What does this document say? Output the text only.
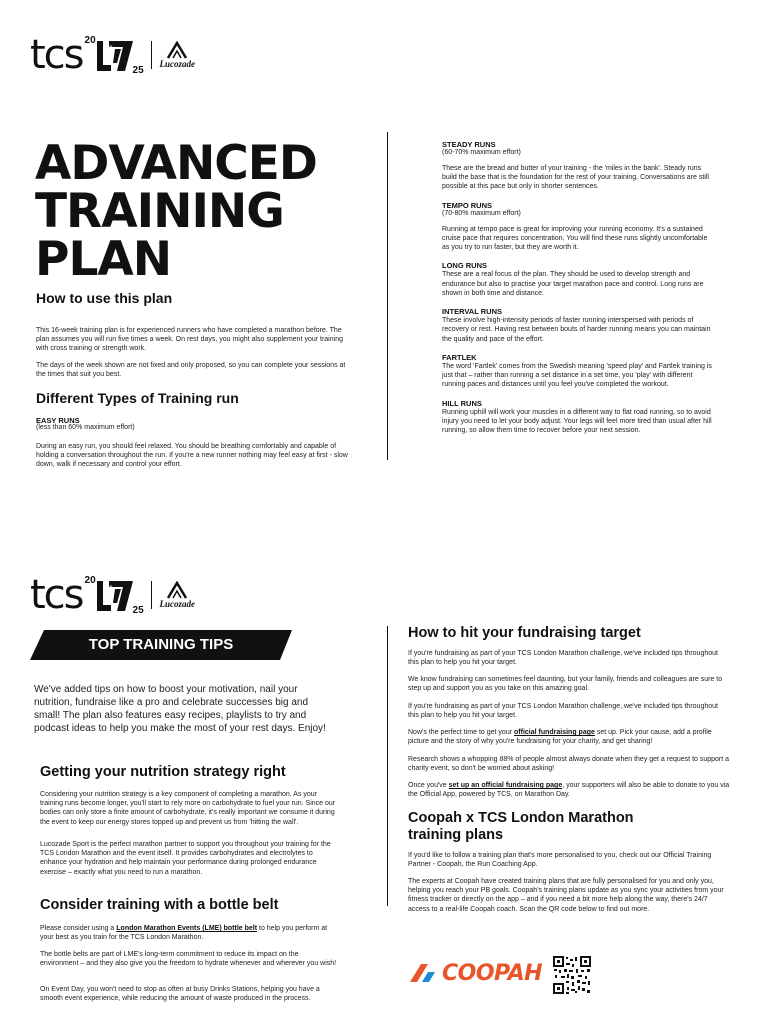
tcs 20
TCS
25
Lucozade
ADVANCED
TRAINING
PLAN
How to use this plan

This 16-week training plan is for experienced runners who have completed a marathon before. The plan assumes you will run five times a week. On rest days, you might also supplement your training with cross training or strength work.

The days of the week shown are not fixed and only proposed, so you can complete your sessions at the times that suit you best.

Different Types of Training run
EASY RUNS
(less than 60% maximum effort)

During an easy run, you should feel relaxed. You should be breathing comfortably and capable of holding a conversation throughout the run. If you're a new runner nothing may feel easy at first - slow down, walk if necessary and control your effort.

STEADY RUNS
(60-70% maximum effort)

These are the bread and butter of your training - the 'miles in the bank'. Steady runs build the base that is the foundation for the rest of your training. Conversations are still possible at this pace but only in shorter sentences.

TEMPO RUNS
(70-80% maximum effort)

Running at tempo pace is great for improving your running economy. It's a sustained cruise pace that requires concentration. You will find these runs slightly uncomfortable as you try to run faster, but they are worth it.

LONG RUNS

These are a real focus of the plan. They should be used to develop strength and endurance but also to practise your target marathon pace and control. Long runs are shown in both time and distance.

INTERVAL RUNS

These involve high-intensity periods of faster running interspersed with periods of recovery or rest. Having rest between bouts of harder running means you can maintain the quality and pace of the effort.

FARTLEK

The word 'Fartlek' comes from the Swedish meaning 'speed play' and Fartlek training is just that – rather than running a set distance in a set time, you 'play' with different running paces and distances until you feel you've completed the workout.

HILL RUNS

Running uphill will work your muscles in a different way to flat road running, so to avoid injury you need to let your body adjust. Your legs will feel more tired than usual after hill running, so allow them time to recover before your next session.

tcs 20
TCS
25
Lucozade
TOP TRAINING TIPS

We've added tips on how to boost your motivation, nail your nutrition, fundraise like a pro and celebrate successes big and small! The plan also features easy recipes, playlists to try and podcast ideas to help you make the most of your rest days. Enjoy!

Getting your nutrition strategy right

Considering your nutrition strategy is a key component of completing a marathon. As your training runs become longer, you'll start to rely more on carbohydrate to fuel your run. Since our bodies can only store a finite amount of carbohydrate, it's really important we consume it during the event to keep our energy stores topped up and prevent us from 'hitting the wall'.

Lucozade Sport is the perfect marathon partner to support you throughout your training for the TCS London Marathon and the event itself. It provides carbohydrates and electrolytes to enhance your hydration and help maintain your performance during prolonged endurance exercise – exactly what you need to run a marathon.

Consider training with a bottle belt

Please consider using a London Marathon Events (LME) bottle belt to help you perform at your best as you train for the TCS London Marathon.

The bottle belts are part of LME's long-term commitment to reduce its impact on the environment – and they also give you the freedom to hydrate whenever and wherever you wish!

On Event Day, you won't need to stop as often at busy Drinks Stations, helping you have a smooth event experience, while reducing the amount of waste produced in the process.

How to hit your fundraising target

If you're fundraising as part of your TCS London Marathon challenge, we've included tips throughout this plan to help you hit your target.

We know fundraising can sometimes feel daunting, but your family, friends and colleagues are sure to step up and support you as you take on this amazing goal.

If you're fundraising as part of your TCS London Marathon challenge, we've included tips throughout this plan to help you hit your target.

Now's the perfect time to get your official fundraising page set up. Pick your cause, add a profile picture and the story of why you're fundraising for your charity, and get sharing!

Research shows a whopping 88% of people almost always donate when they get a request to support a charity event, so don't be worried about asking!

Once you've set up an official fundraising page, your supporters will also be able to donate to you via the Official App, powered by TCS, on Marathon Day.

Coopah x TCS London Marathon
training plans

If you'd like to follow a training plan that's more personalised to you, check out our Official Training Partner - Coopah, the Run Coaching App.

The experts at Coopah have created training plans that are fully personalised for you and only you, helping you reach your PB goals. Coopah's training plans update as you sync your activities from your fitness tracker or directly on the app – and if you need a bit more help along the way, there's 24/7 access to a real-life Coopah coach. Scan the QR code below to find out more.

COOPAH
